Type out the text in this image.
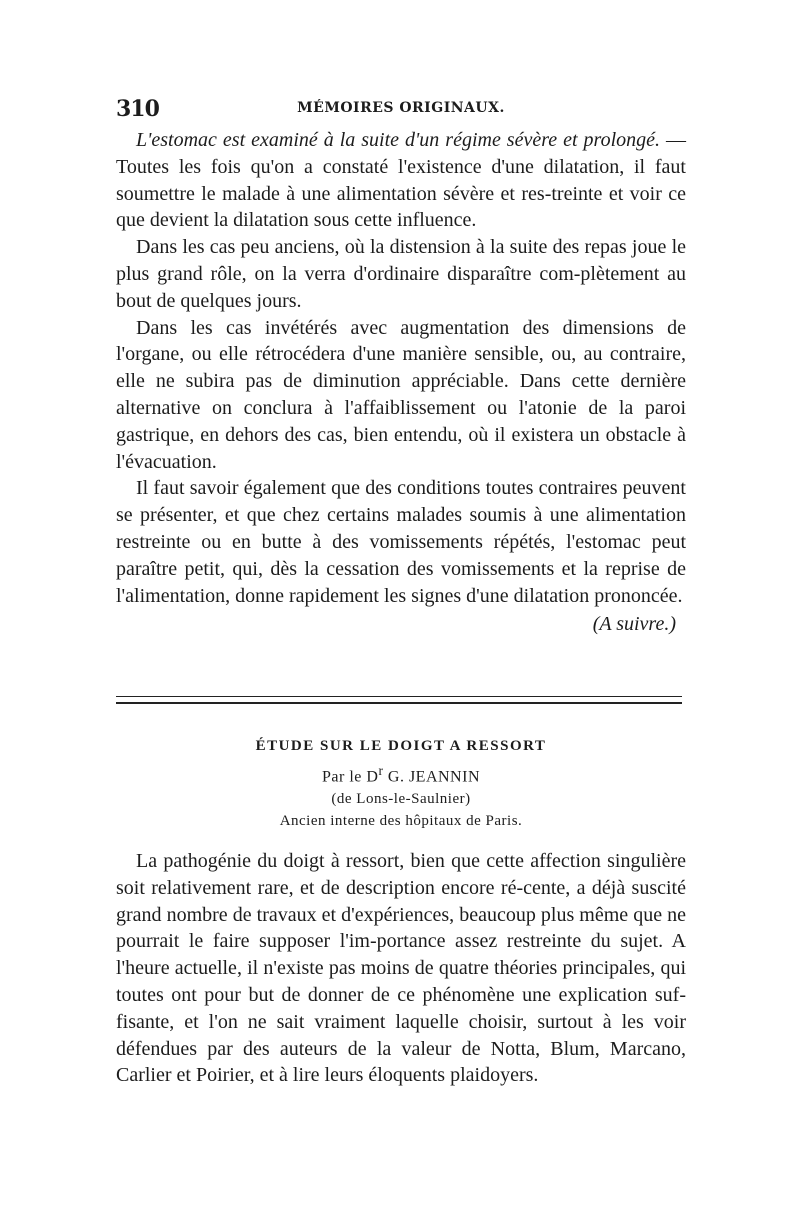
310	MÉMOIRES ORIGINAUX.

L'estomac est examiné à la suite d'un régime sévère et prolongé. — Toutes les fois qu'on a constaté l'existence d'une dilatation, il faut soumettre le malade à une alimentation sévère et res-treinte et voir ce que devient la dilatation sous cette influence.

Dans les cas peu anciens, où la distension à la suite des repas joue le plus grand rôle, on la verra d'ordinaire disparaître com-plètement au bout de quelques jours.

Dans les cas invétérés avec augmentation des dimensions de l'organe, ou elle rétrocédera d'une manière sensible, ou, au contraire, elle ne subira pas de diminution appréciable. Dans cette dernière alternative on conclura à l'affaiblissement ou l'atonie de la paroi gastrique, en dehors des cas, bien entendu, où il existera un obstacle à l'évacuation.

Il faut savoir également que des conditions toutes contraires peuvent se présenter, et que chez certains malades soumis à une alimentation restreinte ou en butte à des vomissements répétés, l'estomac peut paraître petit, qui, dès la cessation des vomissements et la reprise de l'alimentation, donne rapidement les signes d'une dilatation prononcée.

(A suivre.)

ÉTUDE SUR LE DOIGT A RESSORT
Par le $D^r$ G. JEANNIN
(de Lons-le-Saulnier)
Ancien interne des hôpitaux de Paris.

La pathogénie du doigt à ressort, bien que cette affection singulière soit relativement rare, et de description encore ré-cente, a déjà suscité grand nombre de travaux et d'expériences, beaucoup plus même que ne pourrait le faire supposer l'im-portance assez restreinte du sujet. A l'heure actuelle, il n'existe pas moins de quatre théories principales, qui toutes ont pour but de donner de ce phénomène une explication suf-fisante, et l'on ne sait vraiment laquelle choisir, surtout à les voir défendues par des auteurs de la valeur de Notta, Blum, Marcano, Carlier et Poirier, et à lire leurs éloquents plaidoyers.
